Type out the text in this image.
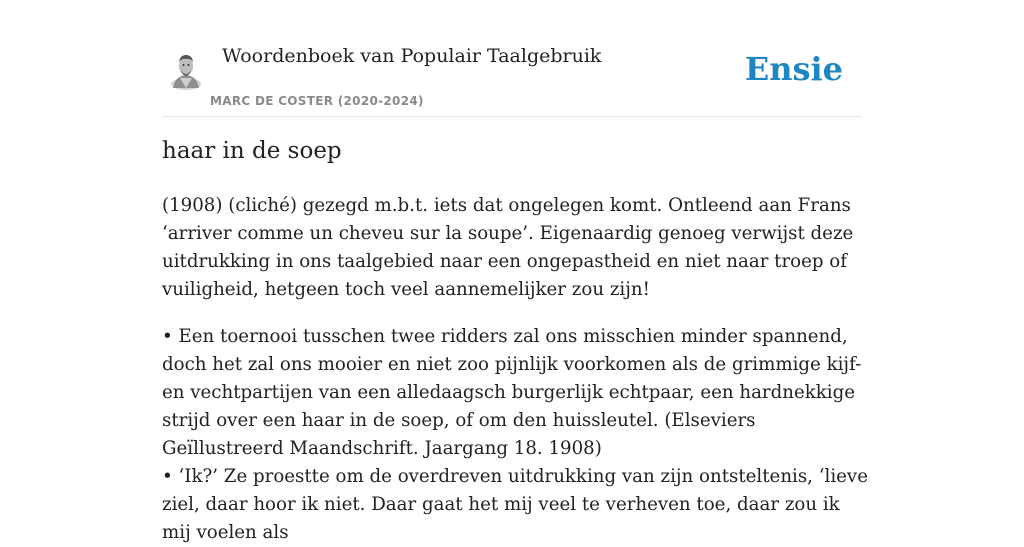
Woordenboek van Populair Taalgebruik
MARC DE COSTER (2020-2024)
Ensie
haar in de soep

(1908) (cliché) gezegd m.b.t. iets dat ongelegen komt. Ontleend aan Frans ‘arriver comme un cheveu sur la soupe’. Eigenaardig genoeg verwijst deze uitdrukking in ons taalgebied naar een ongepastheid en niet naar troep of vuiligheid, hetgeen toch veel aannemelijker zou zijn!

• Een toernooi tusschen twee ridders zal ons misschien minder spannend, doch het zal ons mooier en niet zoo pijnlijk voorkomen als de grimmige kijf- en vechtpartijen van een alledaagsch burgerlijk echtpaar, een hardnekkige strijd over een haar in de soep, of om den huissleutel. (Elseviers Geïllustreerd Maandschrift. Jaargang 18. 1908)

• ‘Ik?’ Ze proestte om de overdreven uitdrukking van zijn ontsteltenis, ‘lieve ziel, daar hoor ik niet. Daar gaat het mij veel te verheven toe, daar zou ik mij voelen als
